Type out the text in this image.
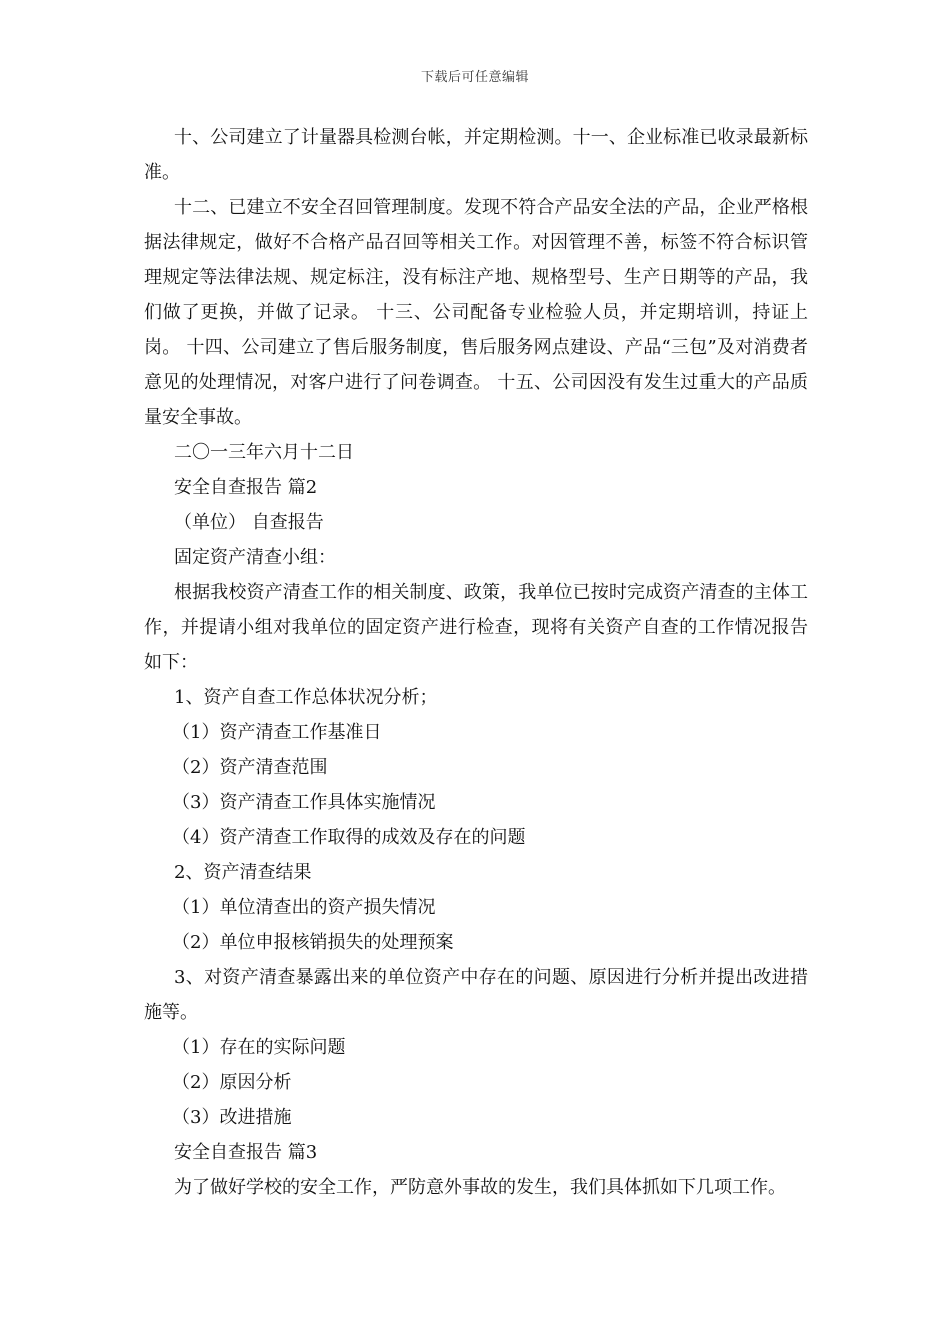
下载后可任意编辑

十、公司建立了计量器具检测台帐，并定期检测。十一、企业标准已收录最新标准。

十二、已建立不安全召回管理制度。发现不符合产品安全法的产品，企业严格根据法律规定，做好不合格产品召回等相关工作。对因管理不善，标签不符合标识管理规定等法律法规、规定标注，没有标注产地、规格型号、生产日期等的产品，我们做了更换，并做了记录。 十三、公司配备专业检验人员，并定期培训，持证上岗。 十四、公司建立了售后服务制度，售后服务网点建设、产品“三包”及对消费者意见的处理情况，对客户进行了问卷调查。 十五、公司因没有发生过重大的产品质量安全事故。

二〇一三年六月十二日

安全自查报告 篇2

（单位） 自查报告

固定资产清查小组：

根据我校资产清查工作的相关制度、政策，我单位已按时完成资产清查的主体工作，并提请小组对我单位的固定资产进行检查，现将有关资产自查的工作情况报告如下：

1、资产自查工作总体状况分析；

（1）资产清查工作基准日

（2）资产清查范围

（3）资产清查工作具体实施情况

（4）资产清查工作取得的成效及存在的问题

2、资产清查结果

（1）单位清查出的资产损失情况

（2）单位申报核销损失的处理预案

3、对资产清查暴露出来的单位资产中存在的问题、原因进行分析并提出改进措施等。

（1）存在的实际问题

（2）原因分析

（3）改进措施

安全自查报告 篇3

为了做好学校的安全工作，严防意外事故的发生，我们具体抓如下几项工作。
